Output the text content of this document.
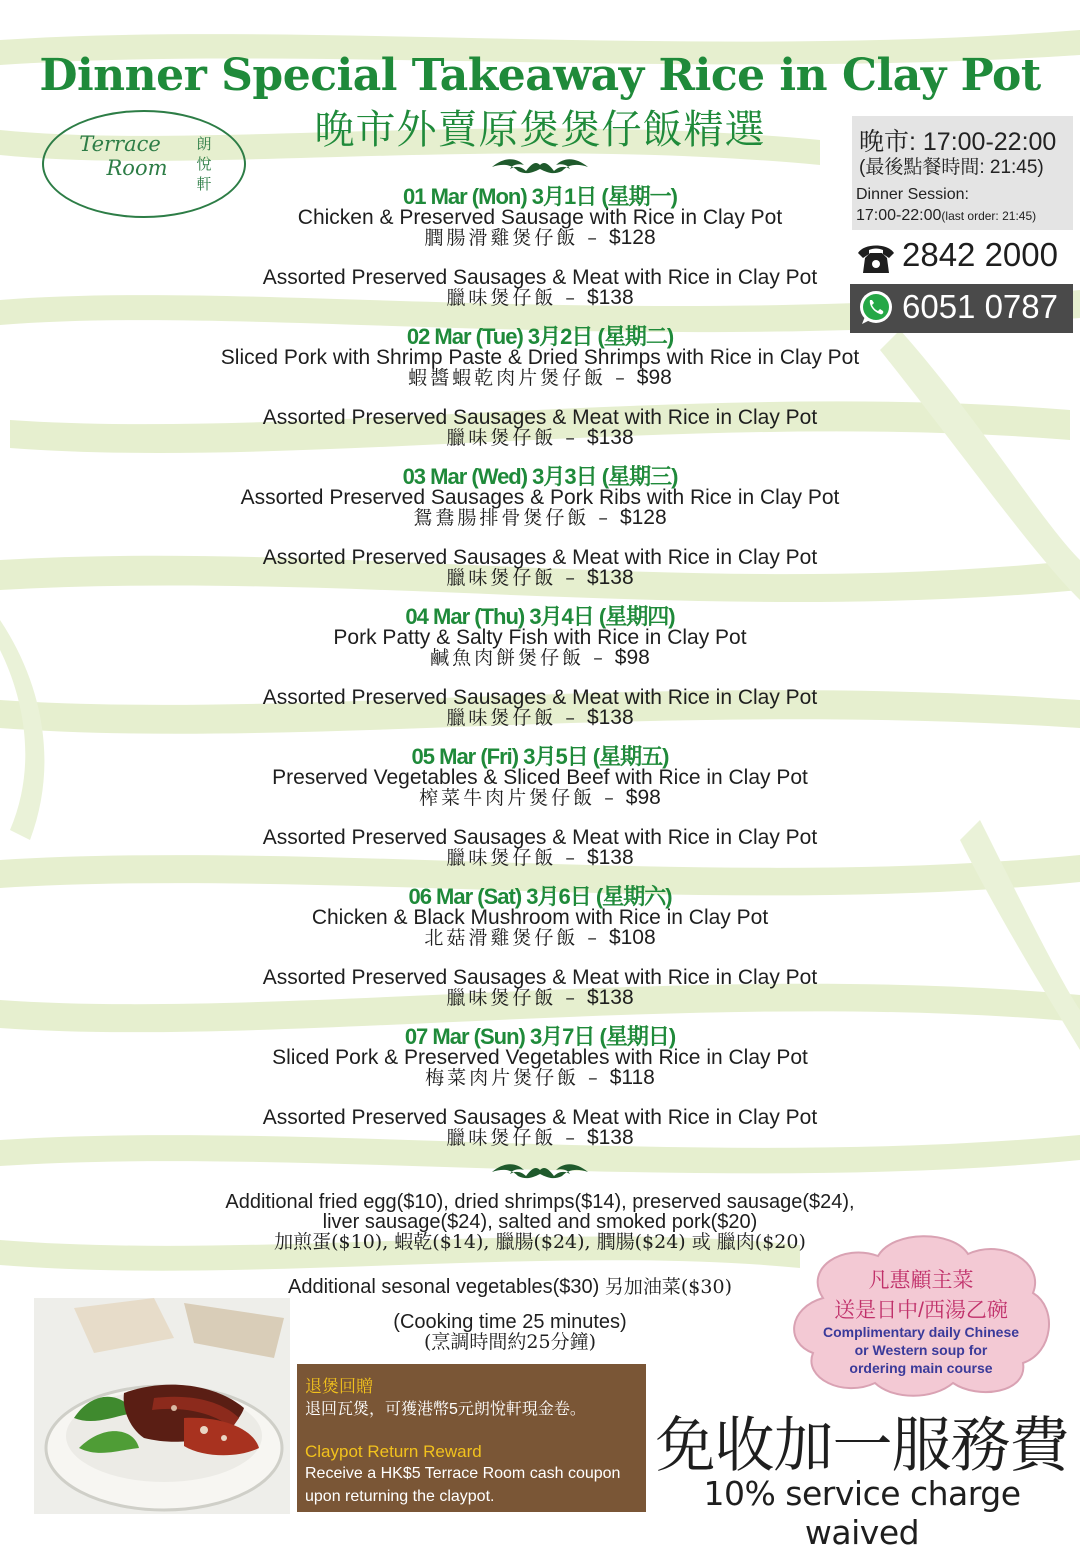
Dinner Special Takeaway Rice in Clay Pot
晚市外賣原煲煲仔飯精選
Terrace
Room
朗
悅
軒
晚市: 17:00-22:00
(最後點餐時間: 21:45)
Dinner Session:
17:00-22:00(last order: 21:45)
2842 2000
6051 0787
01 Mar (Mon) 3月1日 (星期一)
Chicken & Preserved Sausage with Rice in Clay Pot
膶腸滑雞煲仔飯 – $128
Assorted Preserved Sausages & Meat with Rice in Clay Pot
臘味煲仔飯 – $138
02 Mar (Tue) 3月2日 (星期二)
Sliced Pork with Shrimp Paste & Dried Shrimps with Rice in Clay Pot
蝦醬蝦乾肉片煲仔飯 – $98
Assorted Preserved Sausages & Meat with Rice in Clay Pot
臘味煲仔飯 – $138
03 Mar (Wed) 3月3日 (星期三)
Assorted Preserved Sausages & Pork Ribs with Rice in Clay Pot
鴛鴦腸排骨煲仔飯 – $128
Assorted Preserved Sausages & Meat with Rice in Clay Pot
臘味煲仔飯 – $138
04 Mar (Thu) 3月4日 (星期四)
Pork Patty & Salty Fish with Rice in Clay Pot
鹹魚肉餅煲仔飯 – $98
Assorted Preserved Sausages & Meat with Rice in Clay Pot
臘味煲仔飯 – $138
05 Mar (Fri) 3月5日 (星期五)
Preserved Vegetables & Sliced Beef with Rice in Clay Pot
榨菜牛肉片煲仔飯 – $98
Assorted Preserved Sausages & Meat with Rice in Clay Pot
臘味煲仔飯 – $138
06 Mar (Sat) 3月6日 (星期六)
Chicken & Black Mushroom with Rice in Clay Pot
北菇滑雞煲仔飯 – $108
Assorted Preserved Sausages & Meat with Rice in Clay Pot
臘味煲仔飯 – $138
07 Mar (Sun) 3月7日 (星期日)
Sliced Pork & Preserved Vegetables with Rice in Clay Pot
梅菜肉片煲仔飯 – $118
Assorted Preserved Sausages & Meat with Rice in Clay Pot
臘味煲仔飯 – $138
Additional fried egg($10), dried shrimps($14), preserved sausage($24),
liver sausage($24), salted and smoked pork($20)
加煎蛋($10), 蝦乾($14), 臘腸($24), 膶腸($24) 或 臘肉($20)
Additional sesonal vegetables($30) 另加油菜($30)
(Cooking time 25 minutes)
(烹調時間約25分鐘)
退煲回贈
退回瓦煲，可獲港幣5元朗悅軒現金卷。
Claypot Return Reward
Receive a HK$5 Terrace Room cash coupon
upon returning the claypot.
凡惠顧主菜
送是日中/西湯乙碗
Complimentary daily Chinese
or Western soup for
ordering main course
免收加一服務費
10% service charge waived
